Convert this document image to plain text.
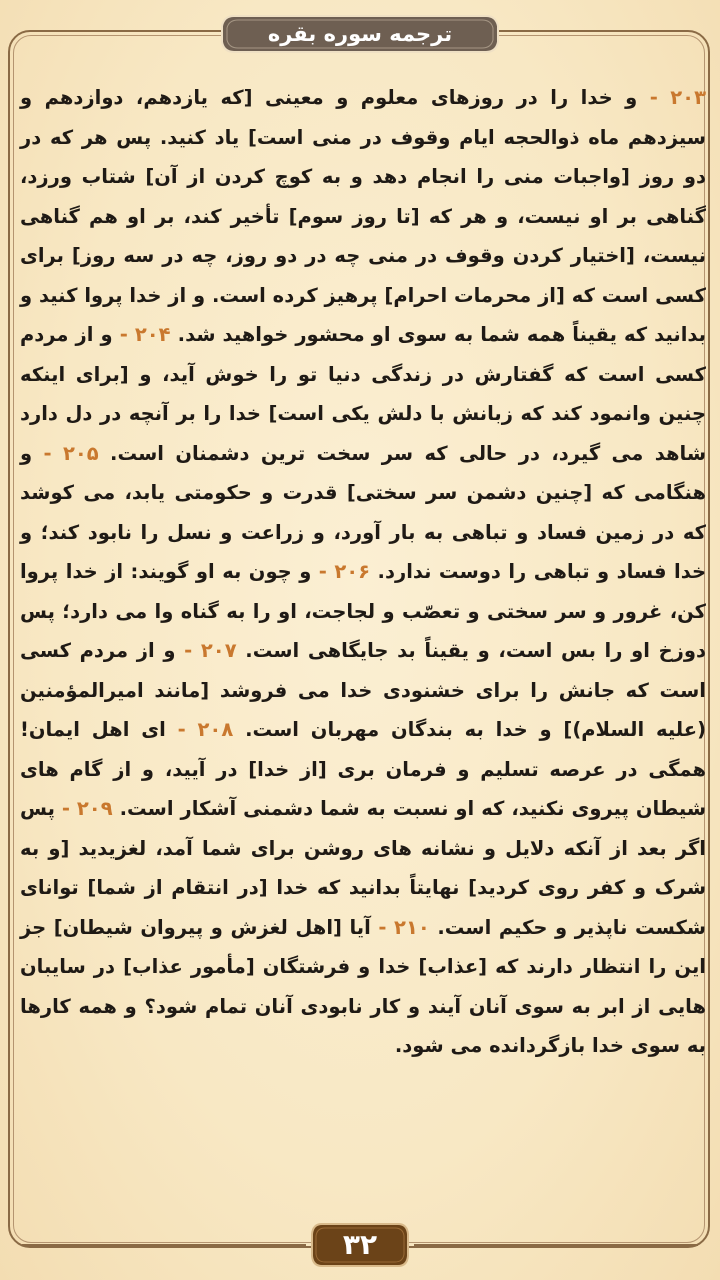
ترجمه سوره بقره

۲۰۳ - و خدا را در روزهای معلوم و معینی [که یازدهم، دوازدهم و سیزدهم ماه ذوالحجه ایام وقوف در منی است] یاد کنید. پس هر که در دو روز [واجبات منی را انجام دهد و به کوچ کردن از آن] شتاب ورزد، گناهی بر او نیست، و هر که [تا روز سوم] تأخیر کند، بر او هم گناهی نیست، [اختیار کردن وقوف در منی چه در دو روز، چه در سه روز] برای کسی است که [از محرمات احرام] پرهیز کرده است. و از خدا پروا کنید و بدانید که یقیناً همه شما به سوی او محشور خواهید شد. ۲۰۴ - و از مردم کسی است که گفتارش در زندگی دنیا تو را خوش آید، و [برای اینکه چنین وانمود کند که زبانش با دلش یکی است] خدا را بر آنچه در دل دارد شاهد می گیرد، در حالی که سر سخت ترین دشمنان است. ۲۰۵ - و هنگامی که [چنین دشمن سر سختی] قدرت و حکومتی یابد، می کوشد که در زمین فساد و تباهی به بار آورد، و زراعت و نسل را نابود کند؛ و خدا فساد و تباهی را دوست ندارد. ۲۰۶ - و چون به او گویند: از خدا پروا کن، غرور و سر سختی و تعصّب و لجاجت، او را به گناه وا می دارد؛ پس دوزخ او را بس است، و یقیناً بد جایگاهی است. ۲۰۷ - و از مردم کسی است که جانش را برای خشنودی خدا می فروشد [مانند امیرالمؤمنین (علیه السلام)] و خدا به بندگان مهربان است. ۲۰۸ - ای اهل ایمان! همگی در عرصه تسلیم و فرمان بری [از خدا] در آیید، و از گام های شیطان پیروی نکنید، که او نسبت به شما دشمنی آشکار است. ۲۰۹ - پس اگر بعد از آنکه دلایل و نشانه های روشن برای شما آمد، لغزیدید [و به شرک و کفر روی کردید] نهایتاً بدانید که خدا [در انتقام از شما] توانای شکست ناپذیر و حکیم است. ۲۱۰ - آیا [اهل لغزش و پیروان شیطان] جز این را انتظار دارند که [عذاب] خدا و فرشتگان [مأمور عذاب] در سایبان هایی از ابر به سوی آنان آیند و کار نابودی آنان تمام شود؟ و همه کارها به سوی خدا بازگردانده می شود.

۳۲
